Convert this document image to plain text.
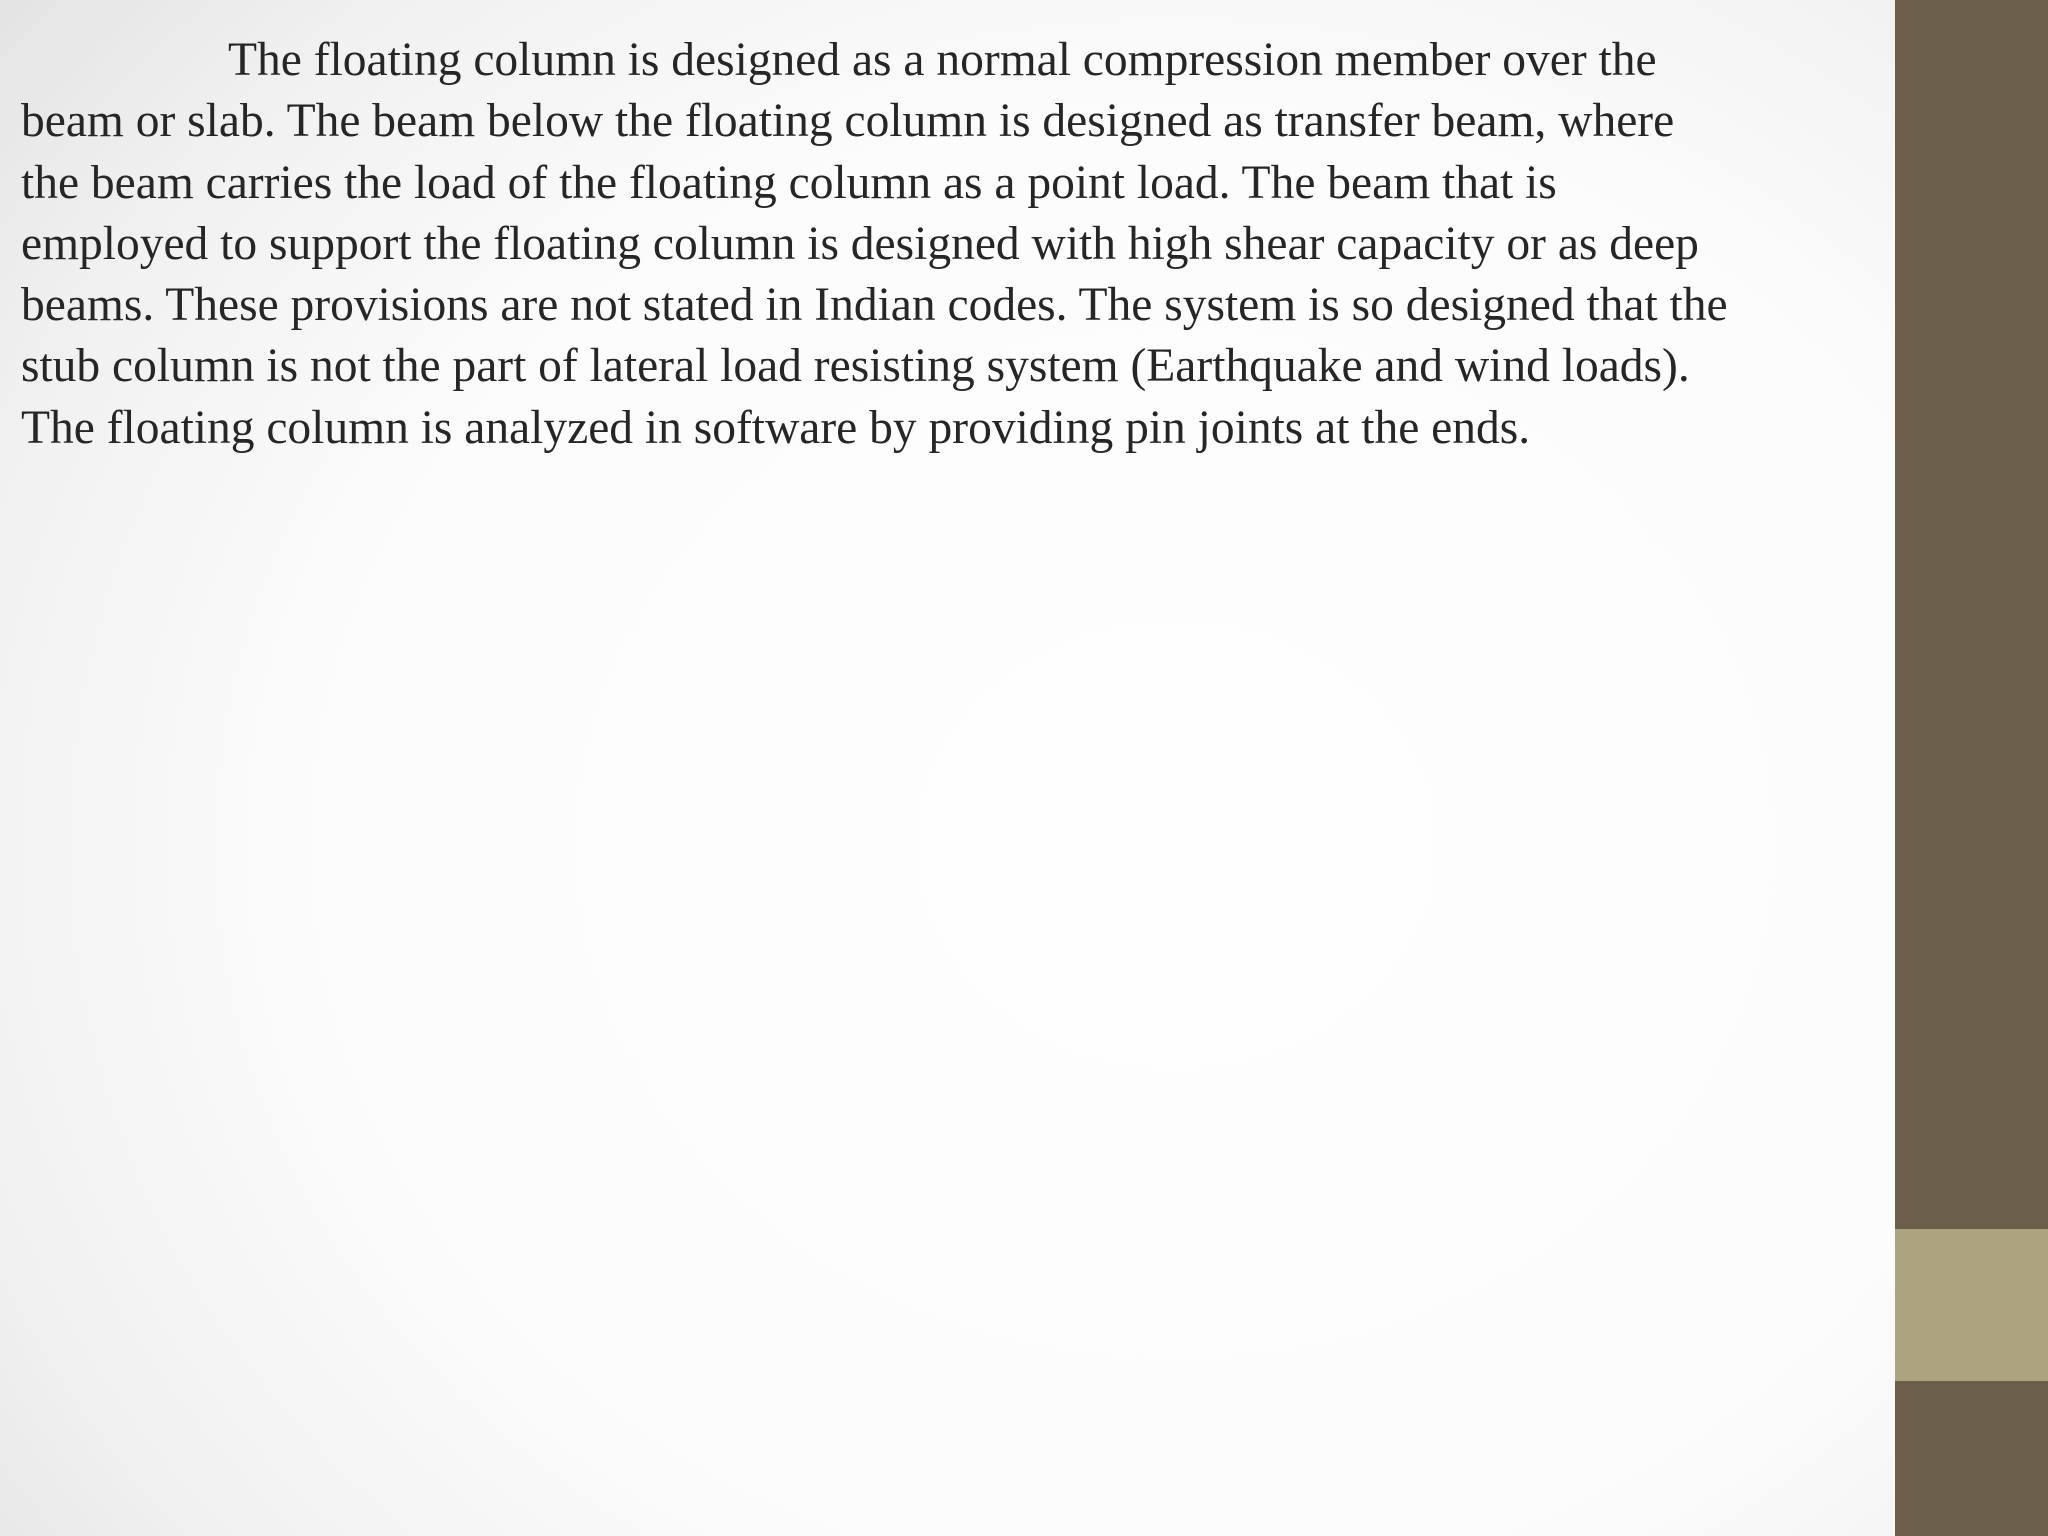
The floating column is designed as a normal compression member over the
beam or slab. The beam below the floating column is designed as transfer beam, where
the beam carries the load of the floating column as a point load. The beam that is
employed to support the floating column is designed with high shear capacity or as deep
beams. These provisions are not stated in Indian codes. The system is so designed that the
stub column is not the part of lateral load resisting system (Earthquake and wind loads).
The floating column is analyzed in software by providing pin joints at the ends.
